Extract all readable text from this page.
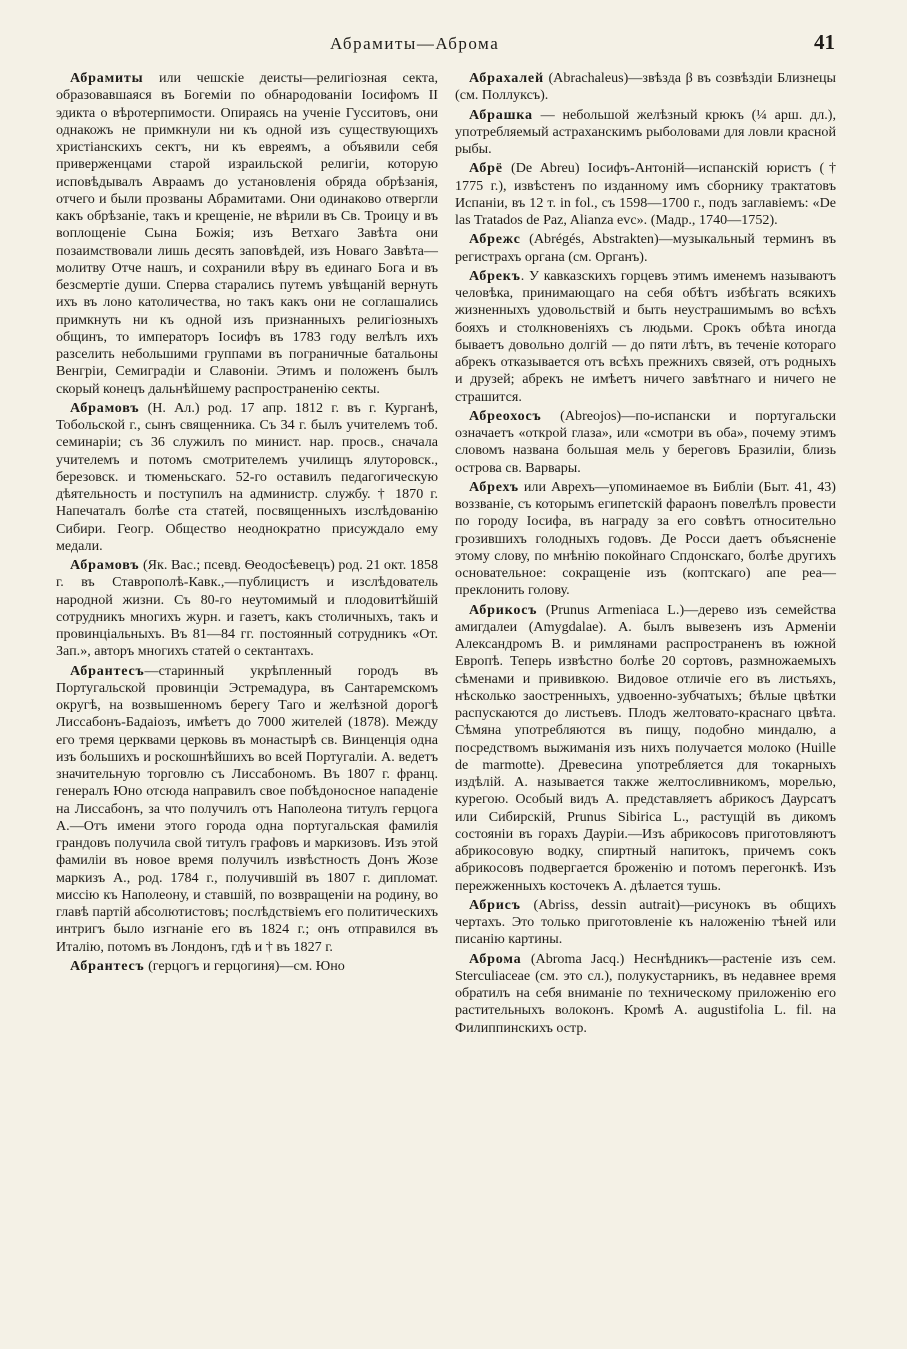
Абрамиты—Аброма	41

Абрамиты или чешскіе деисты—религіозная секта, образовавшаяся въ Богеміи по обнародованіи Іосифомъ II эдикта о вѣротерпимости. Опираясь на ученіе Гусситовъ, они однакожъ не примкнули ни къ одной изъ существующихъ христіанскихъ сектъ, ни къ евреямъ, а объявили себя приверженцами старой израильской религіи, которую исповѣдывалъ Авраамъ до установленія обряда обрѣзанія, отчего и были прозваны Абрамитами. Они одинаково отвергли какъ обрѣзаніе, такъ и крещеніе, не вѣрили въ Св. Троицу и въ воплощеніе Сына Божія; изъ Ветхаго Завѣта они позаимствовали лишь десять заповѣдей, изъ Новаго Завѣта—молитву Отче нашъ, и сохранили вѣру въ единаго Бога и въ безсмертіе души. Сперва старались путемъ увѣщаній вернуть ихъ въ лоно католичества, но такъ какъ они не соглашались примкнуть ни къ одной изъ признанныхъ религіозныхъ общинъ, то императоръ Іосифъ въ 1783 году велѣлъ ихъ разселить небольшими группами въ пограничные батальоны Венгріи, Семиградіи и Славоніи. Этимъ и положенъ былъ скорый конецъ дальнѣйшему распространенію секты.

Абрамовъ (Н. Ал.) род. 17 апр. 1812 г. въ г. Курганѣ, Тобольской г., сынъ священника. Съ 34 г. былъ учителемъ тоб. семинаріи; съ 36 служилъ по минист. нар. просв., сначала учителемъ и потомъ смотрителемъ училищъ ялуторовск., березовск. и тюменьскаго. 52-го оставилъ педагогическую дѣятельность и поступилъ на администр. службу. † 1870 г. Напечаталъ болѣе ста статей, посвященныхъ изслѣдованію Сибири. Геогр. Общество неоднократно присуждало ему медали.

Абрамовъ (Як. Вас.; псевд. Ѳеодосѣевецъ) род. 21 окт. 1858 г. въ Ставрополѣ-Кавк.,—публицистъ и изслѣдователь народной жизни. Съ 80-го неутомимый и плодовитѣйшій сотрудникъ многихъ журн. и газетъ, какъ столичныхъ, такъ и провинціальныхъ. Въ 81—84 гг. постоянный сотрудникъ «От. Зап.», авторъ многихъ статей о сектантахъ.

Абрантесъ—старинный укрѣпленный городъ въ Португальской провинціи Эстремадура, въ Сантаремскомъ округѣ, на возвышенномъ берегу Таго и желѣзной дорогѣ Лиссабонъ-Бадаіозъ, имѣетъ до 7000 жителей (1878). Между его тремя церквами церковь въ монастырѣ св. Винценція одна изъ большихъ и роскошнѣйшихъ во всей Португаліи. А. ведетъ значительную торговлю съ Лиссабономъ. Въ 1807 г. франц. генералъ Юно отсюда направилъ свое побѣдоносное нападеніе на Лиссабонъ, за что получилъ отъ Наполеона титулъ герцога А.—Отъ имени этого города одна португальская фамилія грандовъ получила свой титулъ графовъ и маркизовъ. Изъ этой фамиліи въ новое время получилъ извѣстность Донъ Жозе маркизъ А., род. 1784 г., получившій въ 1807 г. дипломат. миссію къ Наполеону, и ставшій, по возвращеніи на родину, во главѣ партій абсолютистовъ; послѣдствіемъ его политическихъ интригъ было изгнаніе его въ 1824 г.; онъ отправился въ Италію, потомъ въ Лондонъ, гдѣ и † въ 1827 г.

Абрантесъ (герцогъ и герцогиня)—см. Юно

Абрахалей (Abrachaleus)—звѣзда β въ созвѣздіи Близнецы (см. Поллуксъ).

Абрашка — небольшой желѣзный крюкъ (¼ арш. дл.), употребляемый астраханскимъ рыболовами для ловли красной рыбы.

Абрё (De Abreu) Іосифъ-Антоній—испанскій юристъ († 1775 г.), извѣстенъ по изданному имъ сборнику трактатовъ Испаніи, въ 12 т. in fol., съ 1598—1700 г., подъ заглавіемъ: «De las Tratados de Paz, Alianza evc». (Мадр., 1740—1752).

Абрежс (Abrégés, Abstrakten)—музыкальный терминъ въ регистрахъ органа (см. Органъ).

Абрекъ. У кавказскихъ горцевъ этимъ именемъ называютъ человѣка, принимающаго на себя обѣтъ избѣгать всякихъ жизненныхъ удовольствій и быть неустрашимымъ во всѣхъ бояхъ и столкновеніяхъ съ людьми. Срокъ обѣта иногда бываетъ довольно долгій — до пяти лѣтъ, въ теченіе котораго абрекъ отказывается отъ всѣхъ прежнихъ связей, отъ родныхъ и друзей; абрекъ не имѣетъ ничего завѣтнаго и ничего не страшится.

Абреохосъ (Abreojos)—по-испански и португальски означаетъ «открой глаза», или «смотри въ оба», почему этимъ словомъ названа большая мель у береговъ Бразиліи, близь острова св. Варвары.

Абрехъ или Аврехъ—упоминаемое въ Библіи (Быт. 41, 43) воззваніе, съ которымъ египетскій фараонъ повелѣлъ провести по городу Іосифа, въ награду за его совѣтъ относительно грозившихъ голодныхъ годовъ. Де Росси даетъ объясненіе этому слову, по мнѣнію покойнаго Спдонскаго, болѣе другихъ основательное: сокращеніе изъ (коптскаго) апе реа—преклонить голову.

Абрикосъ (Prunus Armeniaca L.)—дерево изъ семейства амигдалеи (Amygdalae). А. былъ вывезенъ изъ Арменіи Александромъ В. и римлянами распространенъ въ южной Европѣ. Теперь извѣстно болѣе 20 сортовъ, размножаемыхъ сѣменами и прививкою. Видовое отличіе его въ листьяхъ, нѣсколько заостренныхъ, удвоенно-зубчатыхъ; бѣлые цвѣтки распускаются до листьевъ. Плодъ желтовато-краснаго цвѣта. Сѣмяна употребляются въ пищу, подобно миндалю, а посредствомъ выжиманія изъ нихъ получается молоко (Huille de marmotte). Древесина употребляется для токарныхъ издѣлій. А. называется также желтосливникомъ, морелью, курегою. Особый видъ А. представляетъ абрикосъ Даурсатъ или Сибирскій, Prunus Sibirica L., растущій въ дикомъ состояніи въ горахъ Дауріи.—Изъ абрикосовъ приготовляютъ абрикосовую водку, спиртный напитокъ, причемъ сокъ абрикосовъ подвергается броженію и потомъ перегонкѣ. Изъ пережженныхъ косточекъ А. дѣлается тушь.

Абрисъ (Abriss, dessin autrait)—рисунокъ въ общихъ чертахъ. Это только приготовленіе къ наложенію тѣней или писанію картины.

Аброма (Abroma Jacq.) Неснѣдникъ—растеніе изъ сем. Sterculiaceae (см. это сл.), полукустарникъ, въ недавнее время обратилъ на себя вниманіе по техническому приложенію его растительныхъ волоконъ. Кромѣ A. augustifolia L. fil. на Филиппинскихъ остр.
